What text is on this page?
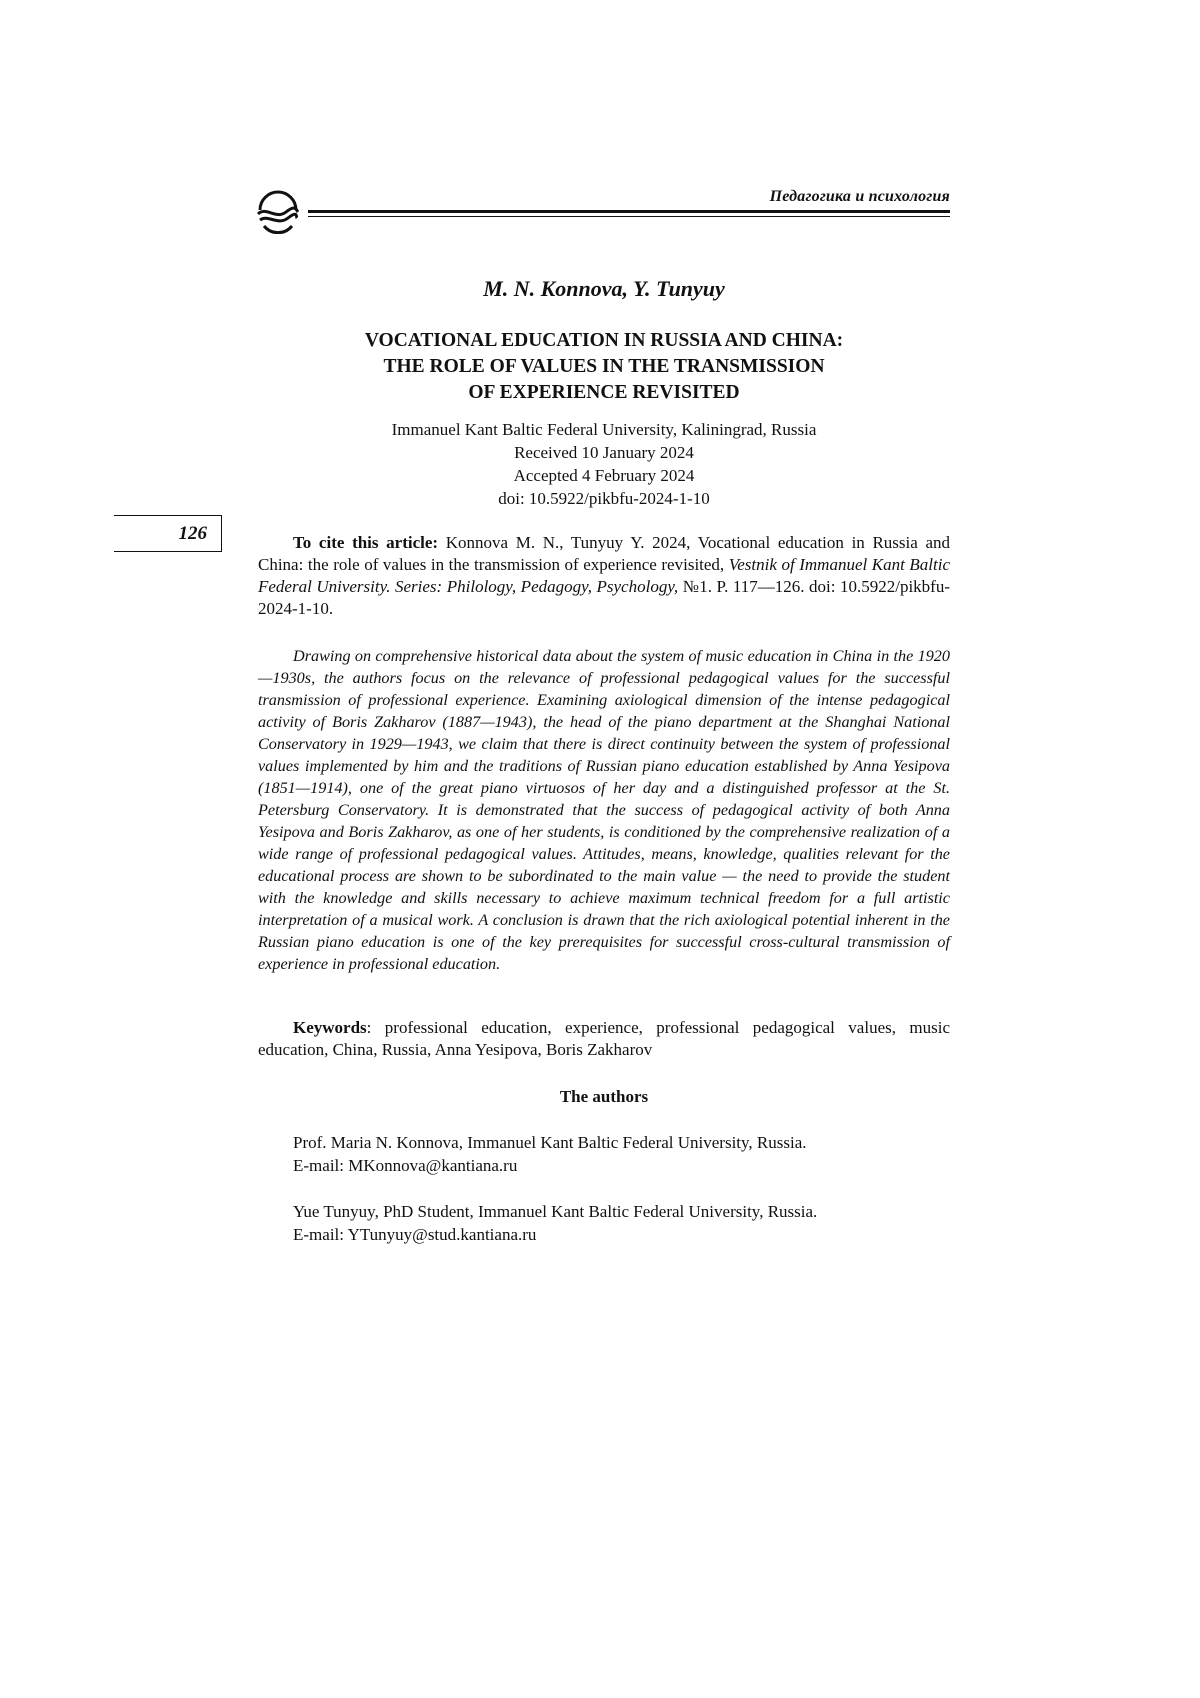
Педагогика и психология
126
M. N. Konnova, Y. Tunyuy
VOCATIONAL EDUCATION IN RUSSIA AND CHINA:
THE ROLE OF VALUES IN THE TRANSMISSION
OF EXPERIENCE REVISITED
Immanuel Kant Baltic Federal University, Kaliningrad, Russia
Received 10 January 2024
Accepted 4 February 2024
doi: 10.5922/pikbfu-2024-1-10
To cite this article: Konnova M. N., Tunyuy Y. 2024, Vocational education in Russia and China: the role of values in the transmission of experience revisited, Vestnik of Immanuel Kant Baltic Federal University. Series: Philology, Pedagogy, Psychology, №1. P. 117—126. doi: 10.5922/pikbfu-2024-1-10.
Drawing on comprehensive historical data about the system of music education in China in the 1920—1930s, the authors focus on the relevance of professional pedagogical values for the successful transmission of professional experience. Examining axiological dimension of the intense pedagogical activity of Boris Zakharov (1887—1943), the head of the piano department at the Shanghai National Conservatory in 1929—1943, we claim that there is direct continuity between the system of professional values implemented by him and the traditions of Russian piano education established by Anna Yesipova (1851—1914), one of the great piano virtuosos of her day and a distinguished professor at the St. Petersburg Conservatory. It is demonstrated that the success of pedagogical activity of both Anna Yesipova and Boris Zakharov, as one of her students, is conditioned by the comprehensive realization of a wide range of professional pedagogical values. Attitudes, means, knowledge, qualities relevant for the educational process are shown to be subordinated to the main value — the need to provide the student with the knowledge and skills necessary to achieve maximum technical freedom for a full artistic interpretation of a musical work. A conclusion is drawn that the rich axiological potential inherent in the Russian piano education is one of the key prerequisites for successful cross-cultural transmission of experience in professional education.
Keywords: professional education, experience, professional pedagogical values, music education, China, Russia, Anna Yesipova, Boris Zakharov
The authors
Prof. Maria N. Konnova, Immanuel Kant Baltic Federal University, Russia.
E-mail: MKonnova@kantiana.ru
Yue Tunyuy, PhD Student, Immanuel Kant Baltic Federal University, Russia.
E-mail: YTunyuy@stud.kantiana.ru
